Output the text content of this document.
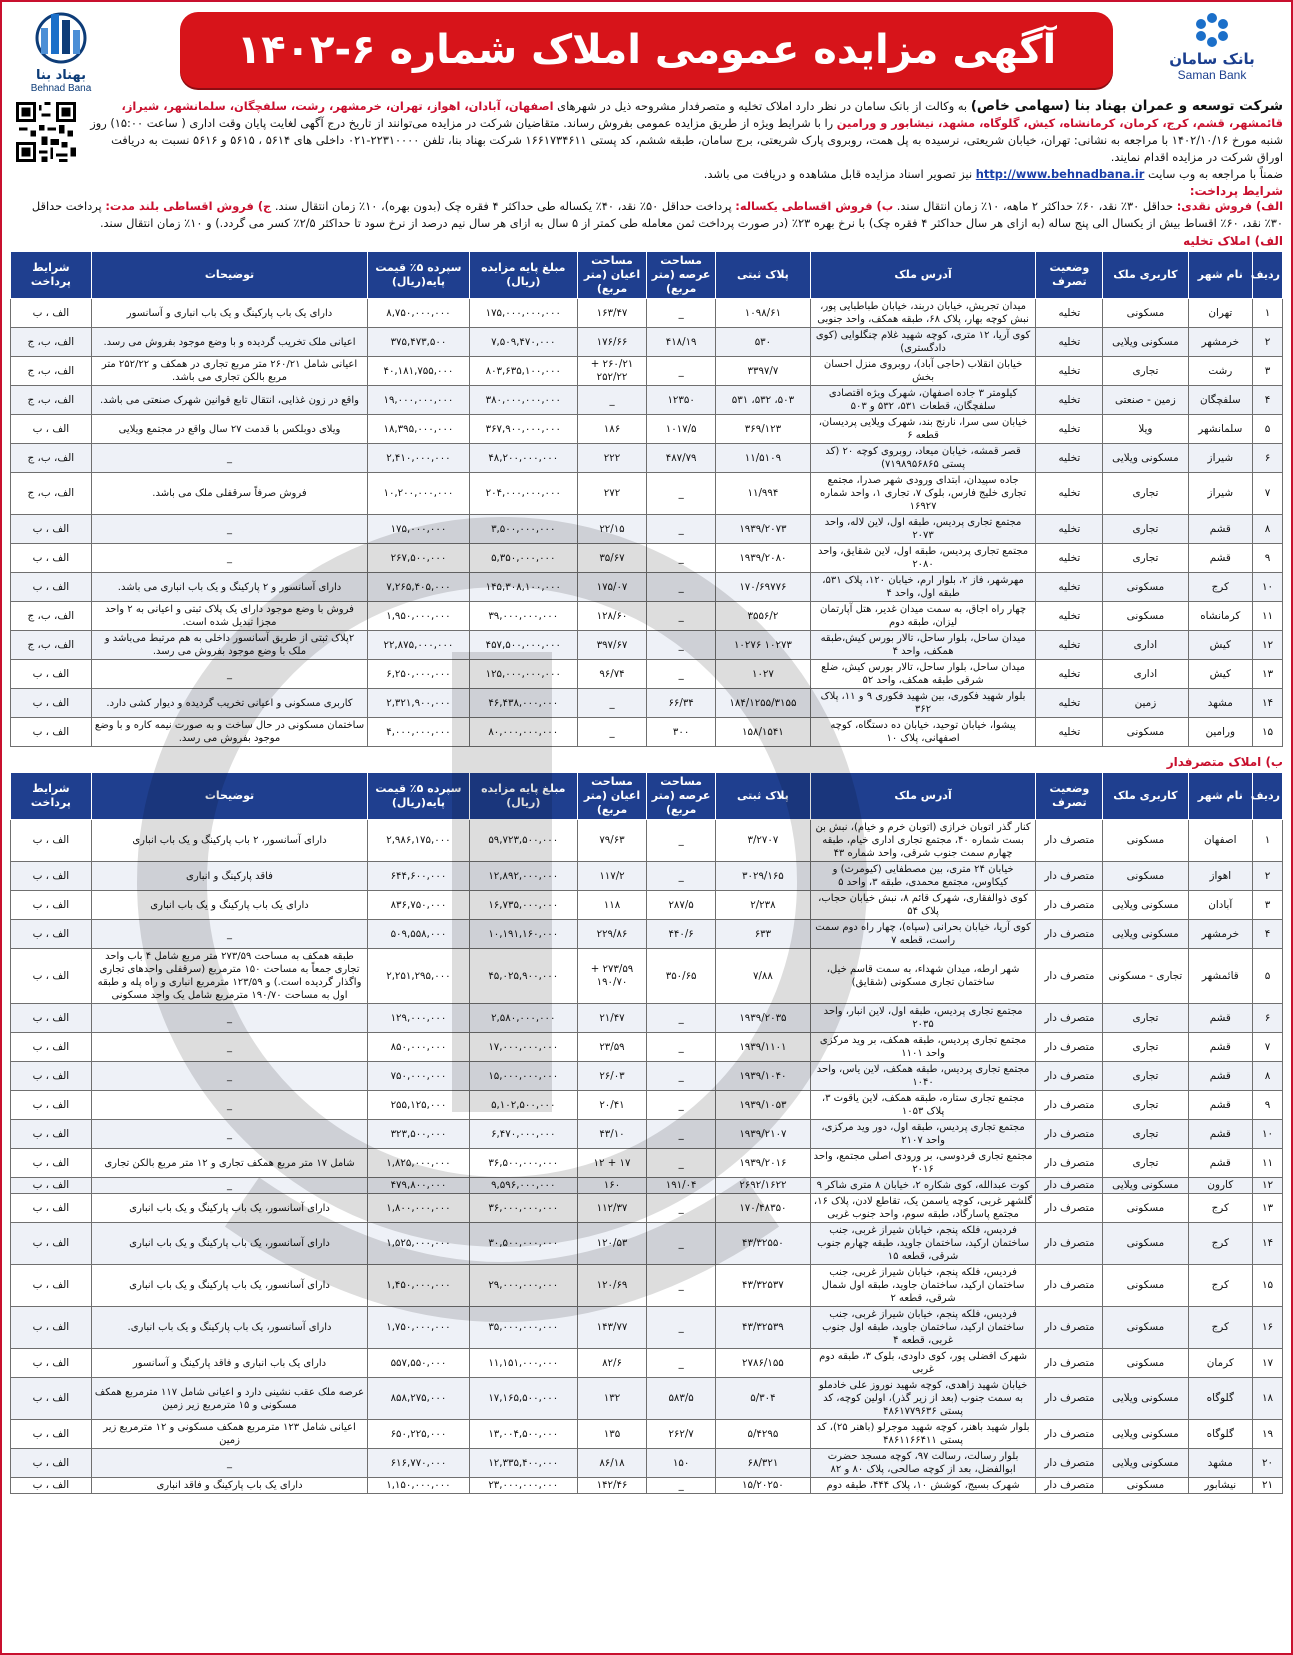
بانک سامان
Saman Bank
آگهی مزایده عمومی املاک شماره ۶-۱۴۰۲
بهناد بنا
Behnad Bana

شرکت توسعه و عمران بهناد بنا (سهامی خاص) به وکالت از بانک سامان در نظر دارد املاک تخلیه و متصرفدار مشروحه ذیل در شهرهای اصفهان، آبادان، اهواز، تهران، خرمشهر، رشت، سلفچگان، سلمانشهر، شیراز، قائمشهر، قشم، کرج، کرمان، کرمانشاه، کیش، گلوگاه، مشهد، نیشابور و ورامین را با شرایط ویژه از طریق مزایده عمومی بفروش رساند. متقاضیان شرکت در مزایده می‌توانند از تاریخ درج آگهی لغایت پایان وقت اداری ( ساعت ۱۵:۰۰) روز شنبه مورخ ۱۴۰۲/۱۰/۱۶ با مراجعه به نشانی: تهران، خیابان شریعتی، نرسیده به پل همت، روبروی پارک شریعتی، برج سامان، طبقه ششم، کد پستی ۱۶۶۱۷۳۴۶۱۱ شرکت بهناد بنا، تلفن ۲۲۳۱۰۰۰۰-۰۲۱ داخلی های ۵۶۱۴ ، ۵۶۱۵ و ۵۶۱۶ نسبت به دریافت اوراق شرکت در مزایده اقدام نمایند.

ضمناً با مراجعه به وب سایت http://www.behnadbana.ir نیز تصویر اسناد مزایده قابل مشاهده و دریافت می باشد.

شرایط پرداخت:

الف) فروش نقدی: حداقل ۳۰٪ نقد، ۶۰٪ حداکثر ۲ ماهه، ۱۰٪ زمان انتقال سند. ب) فروش اقساطی یکساله: پرداخت حداقل ۵۰٪ نقد، ۴۰٪ یکساله طی حداکثر ۴ فقره چک (بدون بهره)، ۱۰٪ زمان انتقال سند. ج) فروش اقساطی بلند مدت: پرداخت حداقل ۳۰٪ نقد، ۶۰٪ اقساط بیش از یکسال الی پنج ساله (به ازای هر سال حداکثر ۴ فقره چک) با نرخ بهره ۲۳٪ (در صورت پرداخت ثمن معامله طی کمتر از ۵ سال به ازای هر سال نیم درصد از نرخ سود تا حداکثر ۲/۵٪ کسر می گردد.) و ۱۰٪ زمان انتقال سند.

الف) املاک تخلیه
ردیف	نام شهر	کاربری ملک	وضعیت تصرف	آدرس ملک	پلاک ثبتی	مساحت عرصه (متر مربع)	مساحت اعیان (متر مربع)	مبلغ پایه مزایده (ریال)	سپرده ۵٪ قیمت پایه(ریال)	توضیحات	شرایط پرداخت
۱	تهران	مسکونی	تخلیه	میدان تجریش، خیابان دربند، خیابان طباطبایی پور، نبش کوچه بهار، پلاک ۶۸، طبقه همکف، واحد جنوبی	۱۰۹۸/۶۱	_	۱۶۳/۴۷	۱۷۵,۰۰۰,۰۰۰,۰۰۰	۸,۷۵۰,۰۰۰,۰۰۰	دارای یک باب پارکینگ و یک باب انباری و آسانسور	الف ، ب
۲	خرمشهر	مسکونی ویلایی	تخلیه	کوی آریا، ۱۲ متری، کوچه شهید غلام چنگلوایی (کوی دادگستری)	۵۳۰	۴۱۸/۱۹	۱۷۶/۶۶	۷,۵۰۹,۴۷۰,۰۰۰	۳۷۵,۴۷۳,۵۰۰	اعیانی ملک تخریب گردیده و با وضع موجود بفروش می رسد.	الف، ب، ج
۳	رشت	تجاری	تخلیه	خیابان انقلاب (حاجی آباد)، روبروی منزل احسان بخش	۳۳۹۷/۷	_	۲۶۰/۲۱ + ۲۵۲/۲۲	۸۰۳,۶۳۵,۱۰۰,۰۰۰	۴۰,۱۸۱,۷۵۵,۰۰۰	اعیانی شامل ۲۶۰/۲۱ متر مربع تجاری در همکف و ۲۵۲/۲۲ متر مربع بالکن تجاری می باشد.	الف، ب، ج
۴	سلفچگان	زمین - صنعتی	تخلیه	کیلومتر ۳ جاده اصفهان، شهرک ویژه اقتصادی سلفچگان، قطعات ۵۳۱، ۵۳۲ و ۵۰۳	۵۰۳، ۵۳۲، ۵۳۱	۱۲۳۵۰	_	۳۸۰,۰۰۰,۰۰۰,۰۰۰	۱۹,۰۰۰,۰۰۰,۰۰۰	واقع در زون غذایی، انتقال تابع قوانین شهرک صنعتی می باشد.	الف، ب، ج
۵	سلمانشهر	ویلا	تخلیه	خیابان سی سرا، نارنج بند، شهرک ویلایی پردیسان، قطعه ۶	۳۶۹/۱۲۳	۱۰۱۷/۵	۱۸۶	۳۶۷,۹۰۰,۰۰۰,۰۰۰	۱۸,۳۹۵,۰۰۰,۰۰۰	ویلای دوبلکس با قدمت ۲۷ سال واقع در مجتمع ویلایی	الف ، ب
۶	شیراز	مسکونی ویلایی	تخلیه	قصر قمشه، خیابان میعاد، روبروی کوچه ۲۰ (کد پستی ۷۱۹۸۹۵۶۸۶۵)	۱۱/۵۱۰۹	۴۸۷/۷۹	۲۲۲	۴۸,۲۰۰,۰۰۰,۰۰۰	۲,۴۱۰,۰۰۰,۰۰۰	_	الف، ب، ج
۷	شیراز	تجاری	تخلیه	جاده سپیدان، ابتدای ورودی شهر صدرا، مجتمع تجاری خلیج فارس، بلوک ۷، تجاری ۱، واحد شماره ۱۶۹۲۷	۱۱/۹۹۴	_	۲۷۲	۲۰۴,۰۰۰,۰۰۰,۰۰۰	۱۰,۲۰۰,۰۰۰,۰۰۰	فروش صرفاً سرقفلی ملک می باشد.	الف، ب، ج
۸	قشم	تجاری	تخلیه	مجتمع تجاری پردیس، طبقه اول، لاین لاله، واحد ۲۰۷۳	۱۹۳۹/۲۰۷۳	_	۲۲/۱۵	۳,۵۰۰,۰۰۰,۰۰۰	۱۷۵,۰۰۰,۰۰۰	_	الف ، ب
۹	قشم	تجاری	تخلیه	مجتمع تجاری پردیس، طبقه اول، لاین شقایق، واحد ۲۰۸۰	۱۹۳۹/۲۰۸۰	_	۳۵/۶۷	۵,۳۵۰,۰۰۰,۰۰۰	۲۶۷,۵۰۰,۰۰۰	_	الف ، ب
۱۰	کرج	مسکونی	تخلیه	مهرشهر، فاز ۲، بلوار ارم، خیابان ۱۲۰، پلاک ۵۳۱، طبقه اول، واحد ۴	۱۷۰/۶۹۷۷۶	_	۱۷۵/۰۷	۱۴۵,۳۰۸,۱۰۰,۰۰۰	۷,۲۶۵,۴۰۵,۰۰۰	دارای آسانسور و ۲ پارکینگ و یک باب انباری می باشد.	الف ، ب
۱۱	کرمانشاه	مسکونی	تخلیه	چهار راه اجاق، به سمت میدان غدیر، هتل آپارتمان لیزان، طبقه دوم	۳۵۵۶/۲	_	۱۲۸/۶۰	۳۹,۰۰۰,۰۰۰,۰۰۰	۱,۹۵۰,۰۰۰,۰۰۰	فروش با وضع موجود دارای یک پلاک ثبتی و اعیانی به ۲ واحد مجزا تبدیل شده است.	الف، ب، ج
۱۲	کیش	اداری	تخلیه	میدان ساحل، بلوار ساحل، تالار بورس کیش،طبقه همکف، واحد ۴	۱۰۲۷۳ ۱۰۲۷۶	_	۳۹۷/۶۷	۴۵۷,۵۰۰,۰۰۰,۰۰۰	۲۲,۸۷۵,۰۰۰,۰۰۰	۲پلاک ثبتی از طریق آسانسور داخلی به هم مرتبط می‌باشد و ملک با وضع موجود بفروش می رسد.	الف، ب، ج
۱۳	کیش	اداری	تخلیه	میدان ساحل، بلوار ساحل، تالار بورس کیش، ضلع شرقی طبقه همکف، واحد ۵۲	۱۰۲۷	_	۹۶/۷۴	۱۲۵,۰۰۰,۰۰۰,۰۰۰	۶,۲۵۰,۰۰۰,۰۰۰	_	الف ، ب
۱۴	مشهد	زمین	تخلیه	بلوار شهید فکوری، بین شهید فکوری ۹ و ۱۱، پلاک ۳۶۲	۱۸۴/۱۲۵۵/۳۱۵۵	۶۶/۳۴	_	۴۶,۴۳۸,۰۰۰,۰۰۰	۲,۳۲۱,۹۰۰,۰۰۰	کاربری مسکونی و اعیانی تخریب گردیده و دیوار کشی دارد.	الف ، ب
۱۵	ورامین	مسکونی	تخلیه	پیشوا، خیابان توحید، خیابان ده دستگاه، کوچه اصفهانی، پلاک ۱۰	۱۵۸/۱۵۴۱	۳۰۰	_	۸۰,۰۰۰,۰۰۰,۰۰۰	۴,۰۰۰,۰۰۰,۰۰۰	ساختمان مسکونی در حال ساخت و به صورت نیمه کاره و با وضع موجود بفروش می رسد.	الف ، ب
ب) املاک متصرفدار
ردیف	نام شهر	کاربری ملک	وضعیت تصرف	آدرس ملک	پلاک ثبتی	مساحت عرصه (متر مربع)	مساحت اعیان (متر مربع)	مبلغ پایه مزایده (ریال)	سپرده ۵٪ قیمت پایه(ریال)	توضیحات	شرایط پرداخت
۱	اصفهان	مسکونی	متصرف دار	کنار گذر اتوبان خرازی (اتوبان خرم و خیام)، نبش بن بست شماره ۴۰، مجتمع تجاری اداری خیام، طبقه چهارم سمت جنوب شرقی، واحد شماره ۴۳	۳/۲۷۰۷	_	۷۹/۶۳	۵۹,۷۲۳,۵۰۰,۰۰۰	۲,۹۸۶,۱۷۵,۰۰۰	دارای آسانسور، ۲ باب پارکینگ و یک باب انباری	الف ، ب
۲	اهواز	مسکونی	متصرف دار	خیابان ۲۴ متری، بین مصطفایی (کیومرث) و کیکاوس، مجتمع محمدی، طبقه ۳، واحد ۵	۳۰۲۹/۱۶۵	_	۱۱۷/۲	۱۲,۸۹۲,۰۰۰,۰۰۰	۶۴۴,۶۰۰,۰۰۰	فاقد پارکینگ و انباری	الف ، ب
۳	آبادان	مسکونی ویلایی	متصرف دار	کوی ذوالفقاری، شهرک قائم ۸، نبش خیابان حجاب، پلاک ۵۴	۲/۲۳۸	۲۸۷/۵	۱۱۸	۱۶,۷۳۵,۰۰۰,۰۰۰	۸۳۶,۷۵۰,۰۰۰	دارای یک باب پارکینگ و یک باب انباری	الف ، ب
۴	خرمشهر	مسکونی ویلایی	متصرف دار	کوی آریا، خیابان بحرانی (سپاه)، چهار راه دوم سمت راست، قطعه ۷	۶۳۳	۴۴۰/۶	۲۲۹/۸۶	۱۰,۱۹۱,۱۶۰,۰۰۰	۵۰۹,۵۵۸,۰۰۰	_	الف ، ب
۵	قائمشهر	تجاری - مسکونی	متصرف دار	شهر ارطه، میدان شهداء، به سمت قاسم خیل، ساختمان تجاری مسکونی (شقایق)	۷/۸۸	۳۵۰/۶۵	۲۷۳/۵۹ + ۱۹۰/۷۰	۴۵,۰۲۵,۹۰۰,۰۰۰	۲,۲۵۱,۲۹۵,۰۰۰	طبقه همکف به مساحت ۲۷۳/۵۹ متر مربع شامل ۴ باب واحد تجاری جمعاً به مساحت ۱۵۰ مترمربع (سرقفلی واحدهای تجاری واگذار گردیده است.) و ۱۲۳/۵۹ مترمربع انباری و راه پله و طبقه اول به مساحت ۱۹۰/۷۰ مترمربع شامل یک واحد مسکونی	الف ، ب
۶	قشم	تجاری	متصرف دار	مجتمع تجاری پردیس، طبقه اول، لاین انبار، واحد ۲۰۳۵	۱۹۳۹/۲۰۳۵	_	۲۱/۴۷	۲,۵۸۰,۰۰۰,۰۰۰	۱۲۹,۰۰۰,۰۰۰	_	الف ، ب
۷	قشم	تجاری	متصرف دار	مجتمع تجاری پردیس، طبقه همکف، بر وید مرکزی واحد ۱۱۰۱	۱۹۳۹/۱۱۰۱	_	۲۳/۵۹	۱۷,۰۰۰,۰۰۰,۰۰۰	۸۵۰,۰۰۰,۰۰۰	_	الف ، ب
۸	قشم	تجاری	متصرف دار	مجتمع تجاری پردیس، طبقه همکف، لاین یاس، واحد ۱۰۴۰	۱۹۳۹/۱۰۴۰	_	۲۶/۰۳	۱۵,۰۰۰,۰۰۰,۰۰۰	۷۵۰,۰۰۰,۰۰۰	_	الف ، ب
۹	قشم	تجاری	متصرف دار	مجتمع تجاری ستاره، طبقه همکف، لاین یاقوت ۳، پلاک ۱۰۵۳	۱۹۳۹/۱۰۵۳	_	۲۰/۴۱	۵,۱۰۲,۵۰۰,۰۰۰	۲۵۵,۱۲۵,۰۰۰	_	الف ، ب
۱۰	قشم	تجاری	متصرف دار	مجتمع تجاری پردیس، طبقه اول، دور وید مرکزی، واحد ۲۱۰۷	۱۹۳۹/۲۱۰۷	_	۴۳/۱۰	۶,۴۷۰,۰۰۰,۰۰۰	۳۲۳,۵۰۰,۰۰۰	_	الف ، ب
۱۱	قشم	تجاری	متصرف دار	مجتمع تجاری فردوسی، بر ورودی اصلی مجتمع، واحد ۲۰۱۶	۱۹۳۹/۲۰۱۶	_	۱۷ + ۱۲	۳۶,۵۰۰,۰۰۰,۰۰۰	۱,۸۲۵,۰۰۰,۰۰۰	شامل ۱۷ متر مربع همکف تجاری و ۱۲ متر مربع بالکن تجاری	الف ، ب
۱۲	کارون	مسکونی ویلایی	متصرف دار	کوت عبدالله، کوی شکاره ۲، خیابان ۸ متری شاکر ۹	۲۶۹۲/۱۶۲۲	۱۹۱/۰۴	۱۶۰	۹,۵۹۶,۰۰۰,۰۰۰	۴۷۹,۸۰۰,۰۰۰	_	الف ، ب
۱۳	کرج	مسکونی	متصرف دار	گلشهر غربی، کوچه یاسمن یک، تقاطع لادن، پلاک ۱۶، مجتمع پاسارگاد، طبقه سوم، واحد جنوب غربی	۱۷۰/۴۸۳۵۰	_	۱۱۲/۳۷	۳۶,۰۰۰,۰۰۰,۰۰۰	۱,۸۰۰,۰۰۰,۰۰۰	دارای آسانسور، یک باب پارکینگ و یک باب انباری	الف ، ب
۱۴	کرج	مسکونی	متصرف دار	فردیس، فلکه پنجم، خیابان شیراز غربی، جنب ساختمان ارکید، ساختمان جاوید، طبقه چهارم جنوب شرقی، قطعه ۱۵	۴۳/۳۲۵۵۰	_	۱۲۰/۵۳	۳۰,۵۰۰,۰۰۰,۰۰۰	۱,۵۲۵,۰۰۰,۰۰۰	دارای آسانسور، یک باب پارکینگ و یک باب انباری	الف ، ب
۱۵	کرج	مسکونی	متصرف دار	فردیس، فلکه پنجم، خیابان شیراز غربی، جنب ساختمان ارکید، ساختمان جاوید، طبقه اول شمال شرقی، قطعه ۲	۴۳/۳۲۵۳۷	_	۱۲۰/۶۹	۲۹,۰۰۰,۰۰۰,۰۰۰	۱,۴۵۰,۰۰۰,۰۰۰	دارای آسانسور، یک باب پارکینگ و یک باب انباری	الف ، ب
۱۶	کرج	مسکونی	متصرف دار	فردیس، فلکه پنجم، خیابان شیراز غربی، جنب ساختمان ارکید، ساختمان جاوید، طبقه اول جنوب غربی، قطعه ۴	۴۳/۳۲۵۳۹	_	۱۴۳/۷۷	۳۵,۰۰۰,۰۰۰,۰۰۰	۱,۷۵۰,۰۰۰,۰۰۰	دارای آسانسور، یک باب پارکینگ و یک باب انباری.	الف ، ب
۱۷	کرمان	مسکونی	متصرف دار	شهرک افضلی پور، کوی داودی، بلوک ۳، طبقه دوم غربی	۲۷۸۶/۱۵۵	_	۸۲/۶	۱۱,۱۵۱,۰۰۰,۰۰۰	۵۵۷,۵۵۰,۰۰۰	دارای یک باب انباری و فاقد پارکینگ و آسانسور	الف ، ب
۱۸	گلوگاه	مسکونی ویلایی	متصرف دار	خیابان شهید زاهدی، کوچه شهید نوروز علی خادملو به سمت جنوب (بعد از زیر گذر)، اولین کوچه، کد پستی ۴۸۶۱۷۷۹۶۳۶	۵/۳۰۴	۵۸۳/۵	۱۳۲	۱۷,۱۶۵,۵۰۰,۰۰۰	۸۵۸,۲۷۵,۰۰۰	عرصه ملک عقب نشینی دارد و اعیانی شامل ۱۱۷ مترمربع همکف مسکونی و ۱۵ مترمربع زیر زمین	الف ، ب
۱۹	گلوگاه	مسکونی ویلایی	متصرف دار	بلوار شهید باهنر، کوچه شهید موجرلو (باهنر ۲۵)، کد پستی ۴۸۶۱۱۶۶۴۱۱	۵/۴۲۹۵	۲۶۲/۷	۱۳۵	۱۳,۰۰۴,۵۰۰,۰۰۰	۶۵۰,۲۲۵,۰۰۰	اعیانی شامل ۱۲۳ مترمربع همکف مسکونی و ۱۲ مترمربع زیر زمین	الف ، ب
۲۰	مشهد	مسکونی ویلایی	متصرف دار	بلوار رسالت، رسالت ۹۷، کوچه مسجد حضرت ابوالفضل، بعد از کوچه صالحی، پلاک ۸۰ و ۸۲	۶۸/۳۲۱	۱۵۰	۸۶/۱۸	۱۲,۳۳۵,۴۰۰,۰۰۰	۶۱۶,۷۷۰,۰۰۰	_	الف ، ب
۲۱	نیشابور	مسکونی	متصرف دار	شهرک بسیج، کوشش ۱۰، پلاک ۴۴۴، طبقه دوم	۱۵/۲۰۲۵۰	_	۱۴۲/۴۶	۲۳,۰۰۰,۰۰۰,۰۰۰	۱,۱۵۰,۰۰۰,۰۰۰	دارای یک باب پارکینگ و فاقد انباری	الف ، ب
